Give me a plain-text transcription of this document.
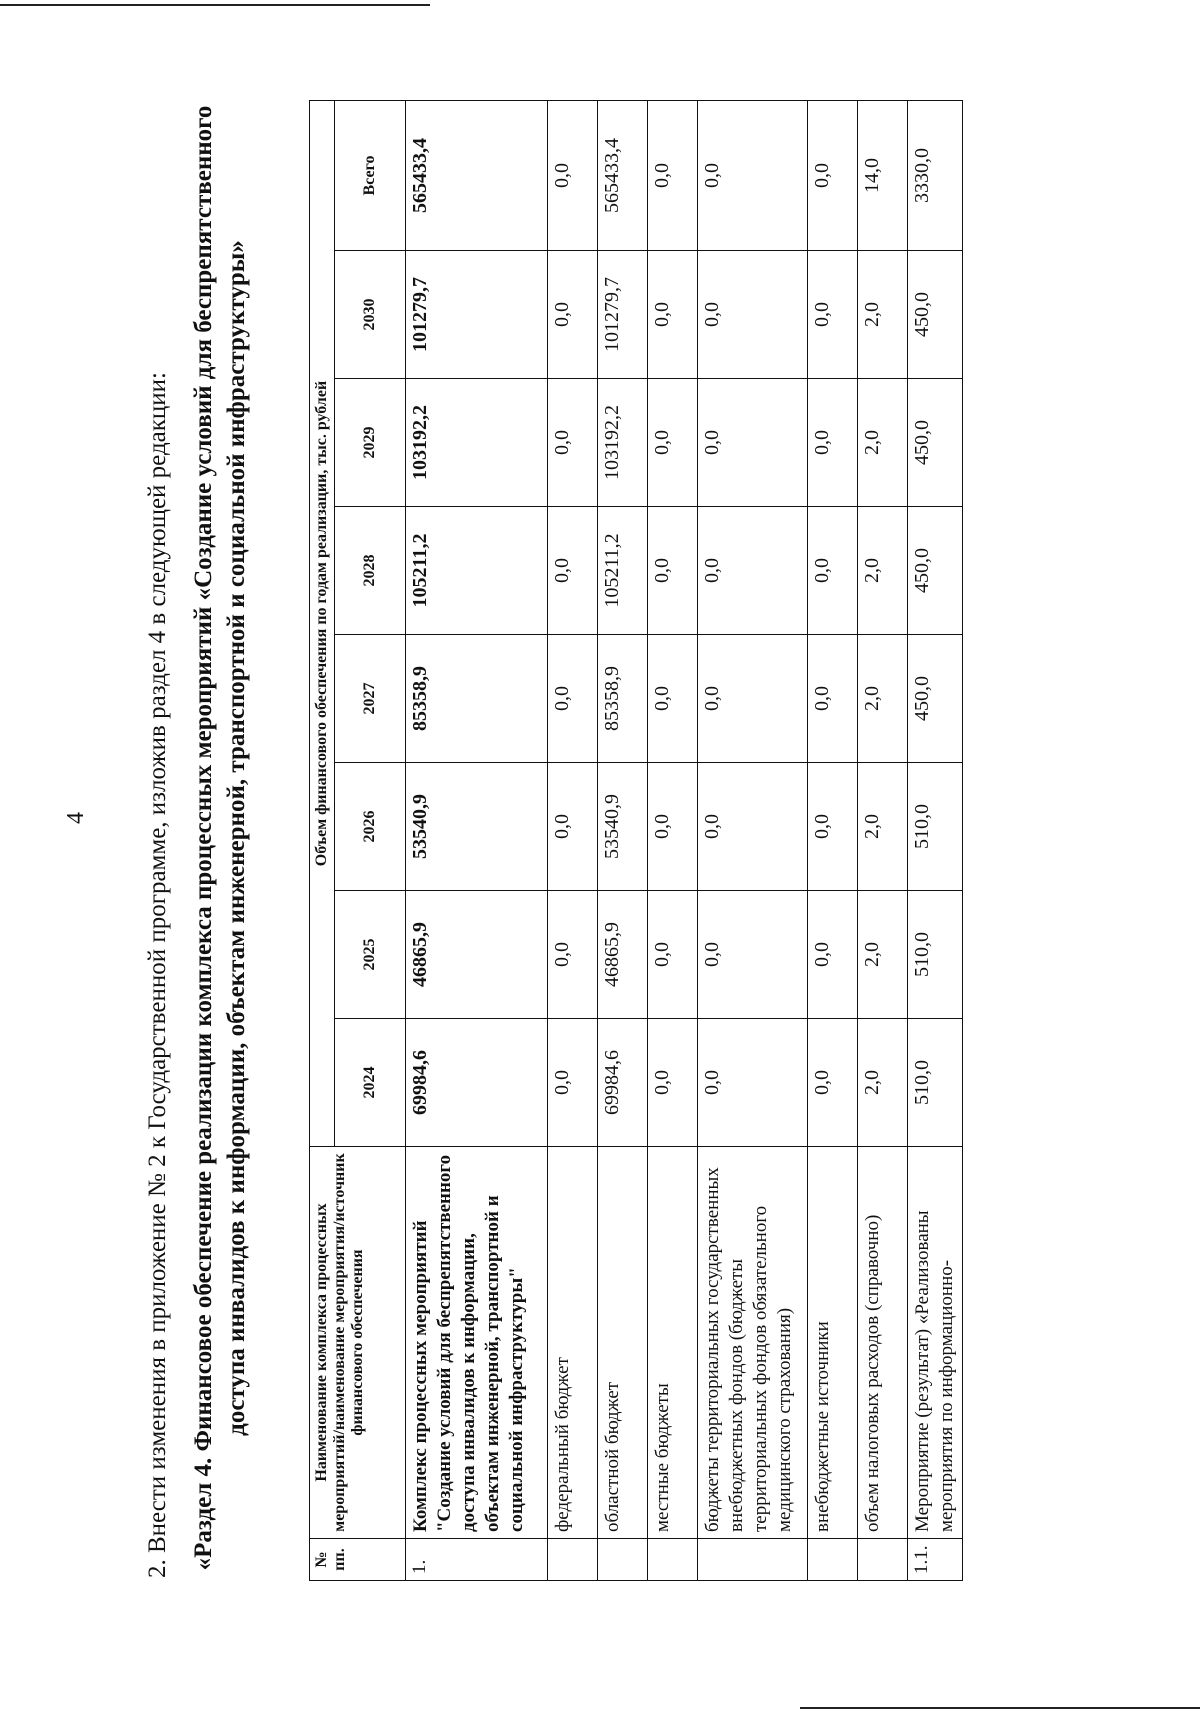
4 2. Внести изменения в приложение № 2 к Государственной программе, изложив раздел 4 в следующей редакции: «Раздел 4. Финансовое обеспечение реализации комплекса процессных мероприятий «Создание условий для беспрепятственного доступа инвалидов к информации, объектам инженерной, транспортной и социальной инфраструктуры»
№ пп.	Наименование комплекса процессных мероприятий/наименование мероприятия/источник финансового обеспечения	Объем финансового обеспечения по годам реализации, тыс. рублей							
		2024	2025	2026	2027	2028	2029	2030	Всего
1.	Комплекс процессных мероприятий "Создание условий для беспрепятственного доступа инвалидов к информации, объектам инженерной, транспортной и социальной инфраструктуры"	69984,6	46865,9	53540,9	85358,9	105211,2	103192,2	101279,7	565433,4
	федеральный бюджет	0,0	0,0	0,0	0,0	0,0	0,0	0,0	0,0
	областной бюджет	69984,6	46865,9	53540,9	85358,9	105211,2	103192,2	101279,7	565433,4
	местные бюджеты	0,0	0,0	0,0	0,0	0,0	0,0	0,0	0,0
	бюджеты территориальных государственных внебюджетных фондов (бюджеты территориальных фондов обязательного медицинского страхования)	0,0	0,0	0,0	0,0	0,0	0,0	0,0	0,0
	внебюджетные источники	0,0	0,0	0,0	0,0	0,0	0,0	0,0	0,0
	объем налоговых расходов (справочно)	2,0	2,0	2,0	2,0	2,0	2,0	2,0	14,0
1.1.	Мероприятие (результат) «Реализованы мероприятия по информационно-	510,0	510,0	510,0	450,0	450,0	450,0	450,0	3330,0
